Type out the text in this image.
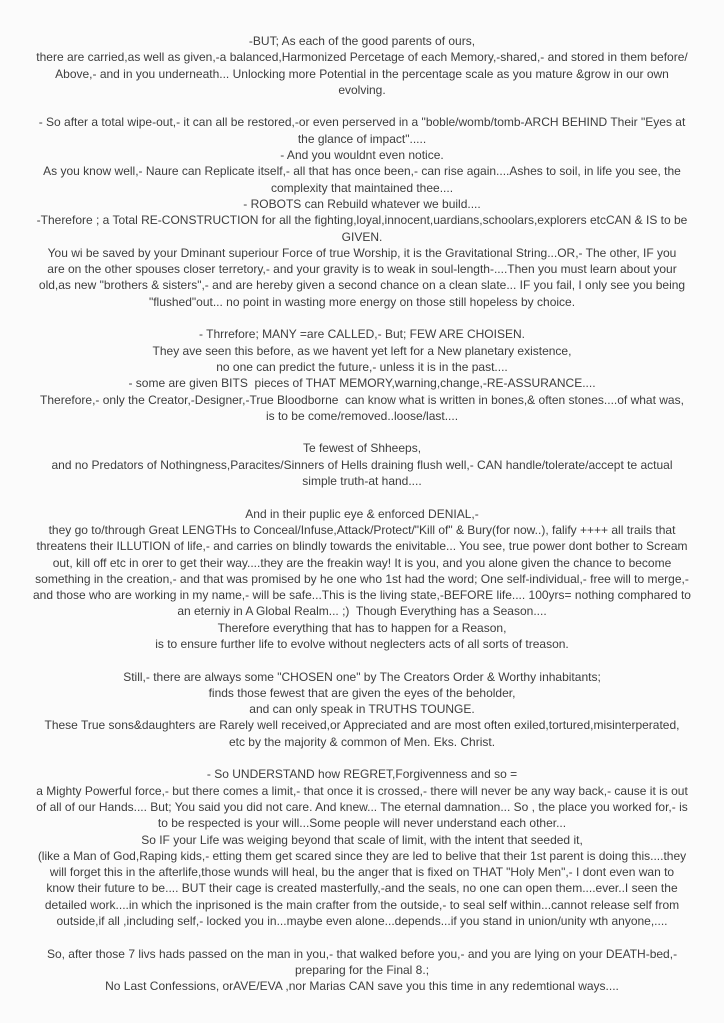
-BUT; As each of the good parents of ours,
there are carried,as well as given,-a balanced,Harmonized Percetage of each Memory,-shared,- and stored in them before/
Above,- and in you underneath... Unlocking more Potential in the percentage scale as you mature &grow in our own
evolving.
- So after a total wipe-out,- it can all be restored,-or even perserved in a "boble/womb/tomb-ARCH BEHIND Their "Eyes at
the glance of impact".....
- And you wouldnt even notice.
As you know well,- Naure can Replicate itself,- all that has once been,- can rise again....Ashes to soil, in life you see, the
complexity that maintained thee....
- ROBOTS can Rebuild whatever we build....
-Therefore ; a Total RE-CONSTRUCTION for all the fighting,loyal,innocent,uardians,schoolars,explorers etcCAN & IS to be
GIVEN.
You wi be saved by your Dminant superiour Force of true Worship, it is the Gravitational String...OR,- The other, IF you
are on the other spouses closer terretory,- and your gravity is to weak in soul-length-....Then you must learn about your
old,as new "brothers & sisters",- and are hereby given a second chance on a clean slate... IF you fail, I only see you being
"flushed"out... no point in wasting more energy on those still hopeless by choice.
- Thrrefore; MANY =are CALLED,- But; FEW ARE CHOISEN.
They ave seen this before, as we havent yet left for a New planetary existence,
no one can predict the future,- unless it is in the past....
- some are given BITS  pieces of THAT MEMORY,warning,change,-RE-ASSURANCE....
Therefore,- only the Creator,-Designer,-True Bloodborne  can know what is written in bones,& often stones....of what was,
is to be come/removed..loose/last....
Te fewest of Shheeps,
and no Predators of Nothingness,Paracites/Sinners of Hells draining flush well,- CAN handle/tolerate/accept te actual
simple truth-at hand....
And in their puplic eye & enforced DENIAL,-
they go to/through Great LENGTHs to Conceal/Infuse,Attack/Protect/"Kill of" & Bury(for now..), falify ++++ all trails that
threatens their ILLUTION of life,- and carries on blindly towards the enivitable... You see, true power dont bother to Scream
out, kill off etc in orer to get their way....they are the freakin way! It is you, and you alone given the chance to become
something in the creation,- and that was promised by he one who 1st had the word; One self-individual,- free will to merge,-
and those who are working in my name,- will be safe...This is the living state,-BEFORE life.... 100yrs= nothing comphared to
an eterniy in A Global Realm... ;)  Though Everything has a Season....
Therefore everything that has to happen for a Reason,
is to ensure further life to evolve without neglecters acts of all sorts of treason.
Still,- there are always some "CHOSEN one" by The Creators Order & Worthy inhabitants;
finds those fewest that are given the eyes of the beholder,
and can only speak in TRUTHS TOUNGE.
These True sons&daughters are Rarely well received,or Appreciated and are most often exiled,tortured,misinterperated,
etc by the majority & common of Men. Eks. Christ.
- So UNDERSTAND how REGRET,Forgivenness and so =
a Mighty Powerful force,- but there comes a limit,- that once it is crossed,- there will never be any way back,- cause it is out
of all of our Hands.... But; You said you did not care. And knew... The eternal damnation... So , the place you worked for,- is
to be respected is your will...Some people will never understand each other...
So IF your Life was weiging beyond that scale of limit, with the intent that seeded it,
(like a Man of God,Raping kids,- etting them get scared since they are led to belive that their 1st parent is doing this....they
will forget this in the afterlife,those wunds will heal, bu the anger that is fixed on THAT "Holy Men",- I dont even wan to
know their future to be.... BUT their cage is created masterfully,-and the seals, no one can open them....ever..I seen the
detailed work....in which the inprisoned is the main crafter from the outside,- to seal self within...cannot release self from
outside,if all ,including self,- locked you in...maybe even alone...depends...if you stand in union/unity wth anyone,....
So, after those 7 livs hads passed on the man in you,- that walked before you,- and you are lying on your DEATH-bed,-
preparing for the Final 8.;
No Last Confessions, orAVE/EVA ,nor Marias CAN save you this time in any redemtional ways....
